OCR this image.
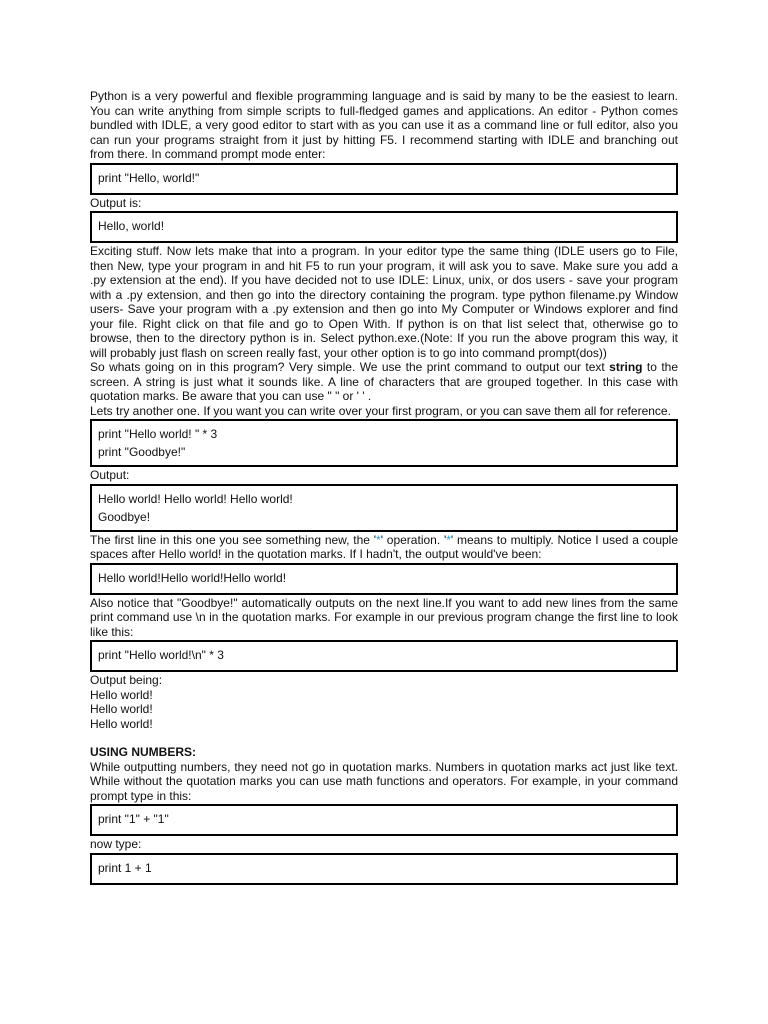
Python is a very powerful and flexible programming language and is said by many to be the easiest to learn. You can write anything from simple scripts to full-fledged games and applications. An editor - Python comes bundled with IDLE, a very good editor to start with as you can use it as a command line or full editor, also you can run your programs straight from it just by hitting F5. I recommend starting with IDLE and branching out from there. In command prompt mode enter:

print "Hello, world!"
Output is:
Hello, world!

Exciting stuff. Now lets make that into a program. In your editor type the same thing (IDLE users go to File, then New, type your program in and hit F5 to run your program, it will ask you to save. Make sure you add a .py extension at the end). If you have decided not to use IDLE: Linux, unix, or dos users - save your program with a .py extension, and then go into the directory containing the program. type python filename.py Window users- Save your program with a .py extension and then go into My Computer or Windows explorer and find your file. Right click on that file and go to Open With. If python is on that list select that, otherwise go to browse, then to the directory python is in. Select python.exe.(Note: If you run the above program this way, it will probably just flash on screen really fast, your other option is to go into command prompt(dos))

So whats going on in this program? Very simple. We use the print command to output our text string to the screen. A string is just what it sounds like. A line of characters that are grouped together. In this case with quotation marks. Be aware that you can use " " or ' ' .

Lets try another one. If you want you can write over your first program, or you can save them all for reference.

print "Hello world! " * 3
print "Goodbye!"
Output:
Hello world! Hello world! Hello world!
Goodbye!

The first line in this one you see something new, the '*' operation. '*' means to multiply. Notice I used a couple spaces after Hello world! in the quotation marks. If I hadn't, the output would've been:

Hello world!Hello world!Hello world!

Also notice that "Goodbye!" automatically outputs on the next line.If you want to add new lines from the same print command use \n in the quotation marks. For example in our previous program change the first line to look like this:

print "Hello world!\n" * 3
Output being:
Hello world!
Hello world!
Hello world!

USING NUMBERS:

While outputting numbers, they need not go in quotation marks. Numbers in quotation marks act just like text. While without the quotation marks you can use math functions and operators. For example, in your command prompt type in this:

print "1" + "1"
now type:
print 1 + 1
